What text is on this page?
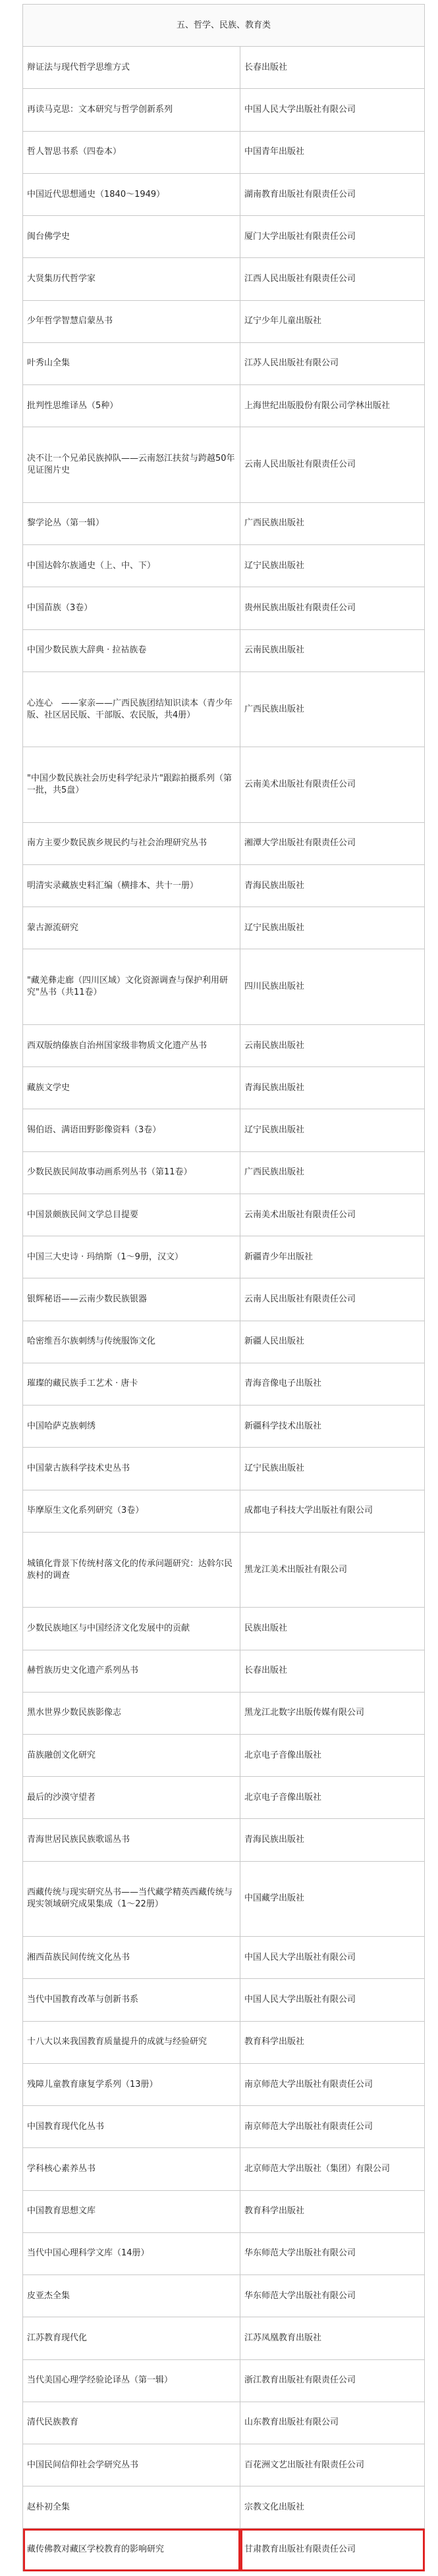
五、哲学、民族、教育类	
辩证法与现代哲学思维方式	长春出版社
再读马克思：文本研究与哲学创新系列	中国人民大学出版社有限公司
哲人智思书系（四卷本）	中国青年出版社
中国近代思想通史（1840～1949）	湖南教育出版社有限责任公司
闽台佛学史	厦门大学出版社有限责任公司
大贤集历代哲学家	江西人民出版社有限责任公司
少年哲学智慧启蒙丛书	辽宁少年儿童出版社
叶秀山全集	江苏人民出版社有限公司
批判性思维译丛（5种）	上海世纪出版股份有限公司学林出版社
决不让一个兄弟民族掉队——云南怒江扶贫与跨越50年见证图片史	云南人民出版社有限责任公司
黎学论丛（第一辑）	广西民族出版社
中国达斡尔族通史（上、中、下）	辽宁民族出版社
中国苗族（3卷）	贵州民族出版社有限责任公司
中国少数民族大辞典 · 拉祜族卷	云南民族出版社
心连心　——家亲——广西民族团结知识读本（青少年版、社区居民版、干部版、农民版，共4册）	广西民族出版社
"中国少数民族社会历史科学纪录片"跟踪拍摄系列（第一批，共5盘）	云南美术出版社有限责任公司
南方主要少数民族乡规民约与社会治理研究丛书	湘潭大学出版社有限责任公司
明清实录藏族史料汇编（横排本、共十一册）	青海民族出版社
蒙古源流研究	辽宁民族出版社
"藏羌彝走廊（四川区域）文化资源调查与保护利用研究"丛书（共11卷）	四川民族出版社
西双版纳傣族自治州国家级非物质文化遗产丛书	云南民族出版社
藏族文学史	青海民族出版社
锡伯语、满语田野影像资料（3卷）	辽宁民族出版社
少数民族民间故事动画系列丛书（第11卷）	广西民族出版社
中国景颇族民间文学总目提要	云南美术出版社有限责任公司
中国三大史诗 · 玛纳斯（1～9册，汉文）	新疆青少年出版社
银辉秘语——云南少数民族银器	云南人民出版社有限责任公司
哈密维吾尔族刺绣与传统服饰文化	新疆人民出版社
璀璨的藏民族手工艺术 · 唐卡	青海音像电子出版社
中国哈萨克族刺绣	新疆科学技术出版社
中国蒙古族科学技术史丛书	辽宁民族出版社
毕摩原生文化系列研究（3卷）	成都电子科技大学出版社有限公司
城镇化背景下传统村落文化的传承问题研究：达斡尔民族村的调查	黑龙江美术出版社有限公司
少数民族地区与中国经济文化发展中的贡献	民族出版社
赫哲族历史文化遗产系列丛书	长春出版社
黑水世界少数民族影像志	黑龙江北数字出版传媒有限公司
苗族融创文化研究	北京电子音像出版社
最后的沙漠守望者	北京电子音像出版社
青海世居民族民族歌谣丛书	青海民族出版社
西藏传统与现实研究丛书——当代藏学精英西藏传统与现实领域研究成果集成（1～22册）	中国藏学出版社
湘西苗族民间传统文化丛书	中国人民大学出版社有限公司
当代中国教育改革与创新书系	中国人民大学出版社有限公司
十八大以来我国教育质量提升的成就与经验研究	教育科学出版社
残障儿童教育康复学系列（13册）	南京师范大学出版社有限责任公司
中国教育现代化丛书	南京师范大学出版社有限责任公司
学科核心素养丛书	北京师范大学出版社（集团）有限公司
中国教育思想文库	教育科学出版社
当代中国心理科学文库（14册）	华东师范大学出版社有限公司
皮亚杰全集	华东师范大学出版社有限公司
江苏教育现代化	江苏凤凰教育出版社
当代美国心理学经验论译丛（第一辑）	浙江教育出版社有限责任公司
清代民族教育	山东教育出版社有限公司
中国民间信仰社会学研究丛书	百花洲文艺出版社有限责任公司
赵朴初全集	宗教文化出版社
藏传佛教对藏区学校教育的影响研究	甘肃教育出版社有限责任公司
